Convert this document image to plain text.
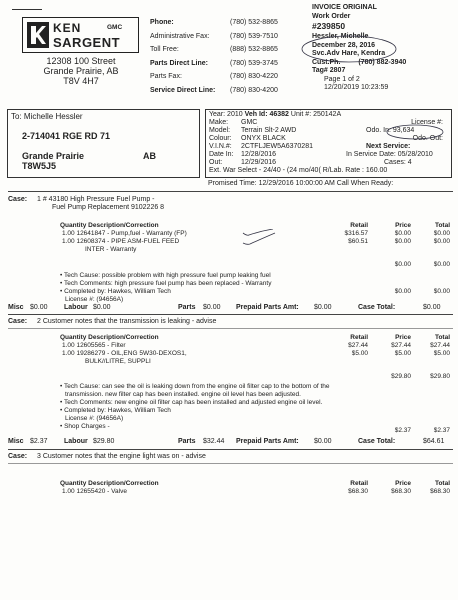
KEN	GMC
SARGENT
12308 100 Street
Grande Prairie, AB
T8V 4H7
Phone:	(780) 532-8865
Administrative Fax:	(780) 539-7510
Toll Free:	(888) 532-8865
Parts Direct Line:	(780) 539-3745
Parts Fax:	(780) 830-4220
Service Direct Line: (780) 830-4200
INVOICE ORIGINAL
Work Order
#239850
Hessler, Michelle
December 28, 2016
Svc.Adv Hare, Kendra
Cust.Ph.	(780) 882-3940
Tag# 2807
Page 1 of 2
12/20/2019 10:23:59
To: Michelle Hessler
2-714041 RGE RD 71
Grande Prairie	AB
T8W5J5
Year: 2010 Veh Id: 46382 Unit #: 250142A
Make: GMC	License #:
Model: Terrain Slt-2 AWD	Odo. In: 93,634
Colour: ONYX BLACK	Odo. Out:
V.I.N.#: 2CTFLJEW5A6370281	Next Service:
Date In: 12/28/2016	In Service Date: 05/28/2010
Out:	12/29/2016	Cases: 4
Ext. War Select - 24/40 - (24 mo/40( R/Lab. Rate : 160.00
Promised Time: 12/29/2016 10:00:00 AM Call When Ready:
Case: 1 # 43180 High Pressure Fuel Pump -
Fuel Pump Replacement 9102226 8
Quantity Description/Correction	Retail	Price	Total
1.00 12641847 - Pump,fuel - Warranty (FP)	$316.57	$0.00	$0.00
1.00 12608374 - PIPE ASM-FUEL FEED	$60.51	$0.00	$0.00
INTER - Warranty
$0.00	$0.00
• Tech Cause: possible problem with high pressure fuel pump leaking fuel
• Tech Comments: high pressure fuel pump has been replaced - Warranty
• Completed by: Hawkes, William Tech
License #: (94656A)
$0.00	$0.00
Misc $0.00 Labour $0.00	Parts $0.00 Prepaid Parts Amt: $0.00	Case Total:	$0.00
Case: 2 Customer notes that the transmission is leaking - advise
Quantity Description/Correction	Retail	Price	Total
1.00 12605565 - Filter	$27.44	$27.44	$27.44
1.00 19286279 - OIL,ENG 5W30-DEXOS1,	$5.00	$5.00	$5.00
BULK//LITRE, SUPPLI
$29.80	$29.80
• Tech Cause: can see the oil is leaking down from the engine oil filter cap to the bottom of the
transmission. new filter cap has been installed. engine oil level has been adjusted.
• Tech Comments: new engine oil filter cap has been installed and adjusted engine oil level.
• Completed by: Hawkes, William Tech
License #: (94656A)
• Shop Charges -
$2.37	$2.37
Misc $2.37 Labour $29.80	Parts $32.44 Prepaid Parts Amt: $0.00	Case Total:	$64.61
Case: 3 Customer notes that the engine light was on - advise
Quantity Description/Correction	Retail	Price	Total
1.00 12655420 - Valve	$68.30	$68.30	$68.30
